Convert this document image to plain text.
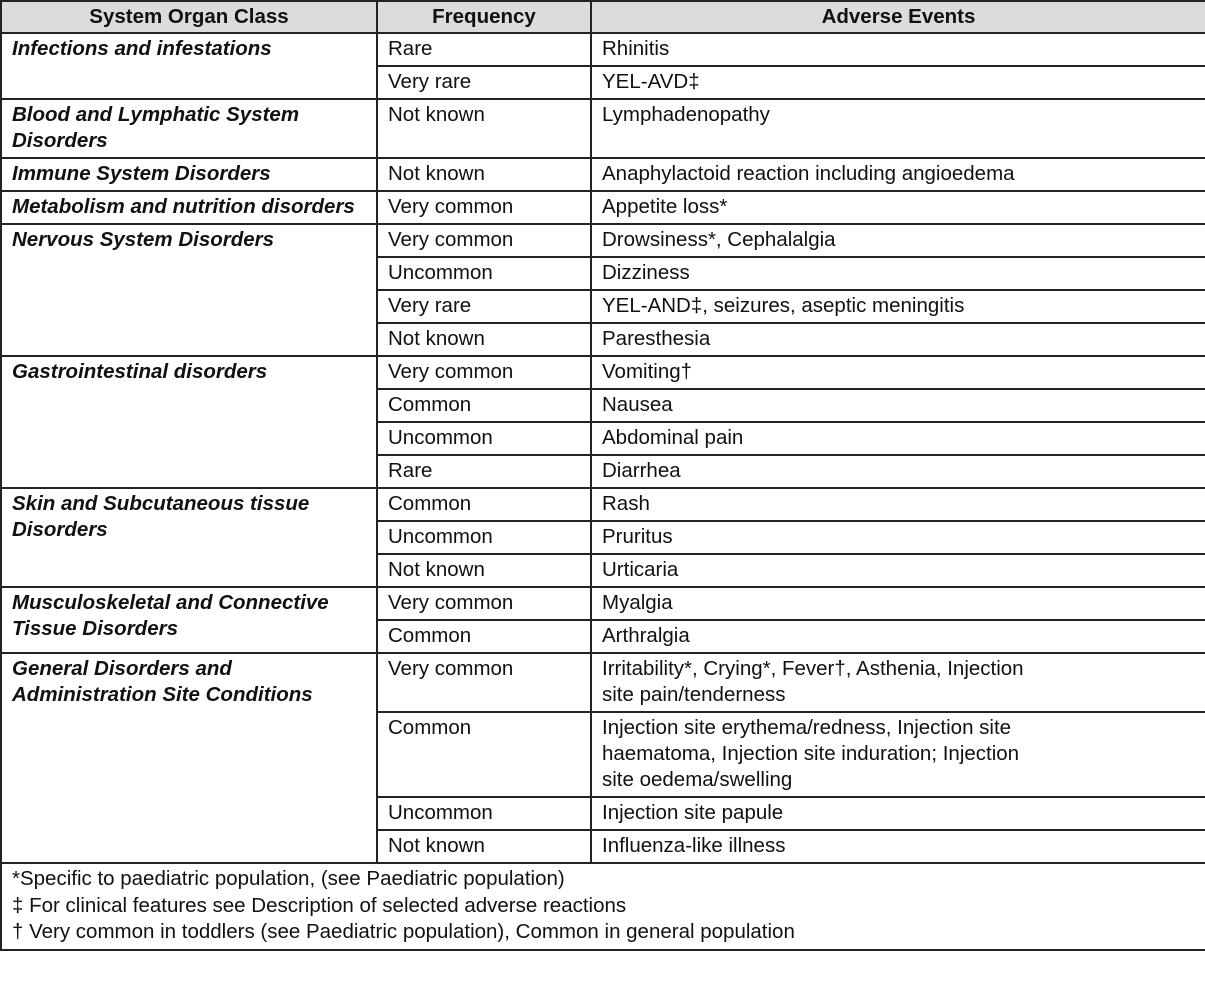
System Organ Class	Frequency	Adverse Events
Infections and infestations	Rare	Rhinitis
	Very rare	YEL-AVD‡
Blood and Lymphatic System Disorders	Not known	Lymphadenopathy
Immune System Disorders	Not known	Anaphylactoid reaction including angioedema
Metabolism and nutrition disorders	Very common	Appetite loss*
Nervous System Disorders	Very common	Drowsiness*, Cephalalgia
	Uncommon	Dizziness
	Very rare	YEL-AND‡, seizures, aseptic meningitis
	Not known	Paresthesia
Gastrointestinal disorders	Very common	Vomiting†
	Common	Nausea
	Uncommon	Abdominal pain
	Rare	Diarrhea
Skin and Subcutaneous tissue Disorders	Common	Rash
	Uncommon	Pruritus
	Not known	Urticaria
Musculoskeletal and Connective Tissue Disorders	Very common	Myalgia
	Common	Arthralgia
General Disorders and Administration Site Conditions	Very common	Irritability*, Crying*, Fever†, Asthenia, Injection
site pain/tenderness
	Common	Injection site erythema/redness, Injection site
haematoma, Injection site induration; Injection
site oedema/swelling
	Uncommon	Injection site papule
	Not known	Influenza-like illness

*Specific to paediatric population, (see Paediatric population)
‡ For clinical features see Description of selected adverse reactions
† Very common in toddlers (see Paediatric population), Common in general population		
